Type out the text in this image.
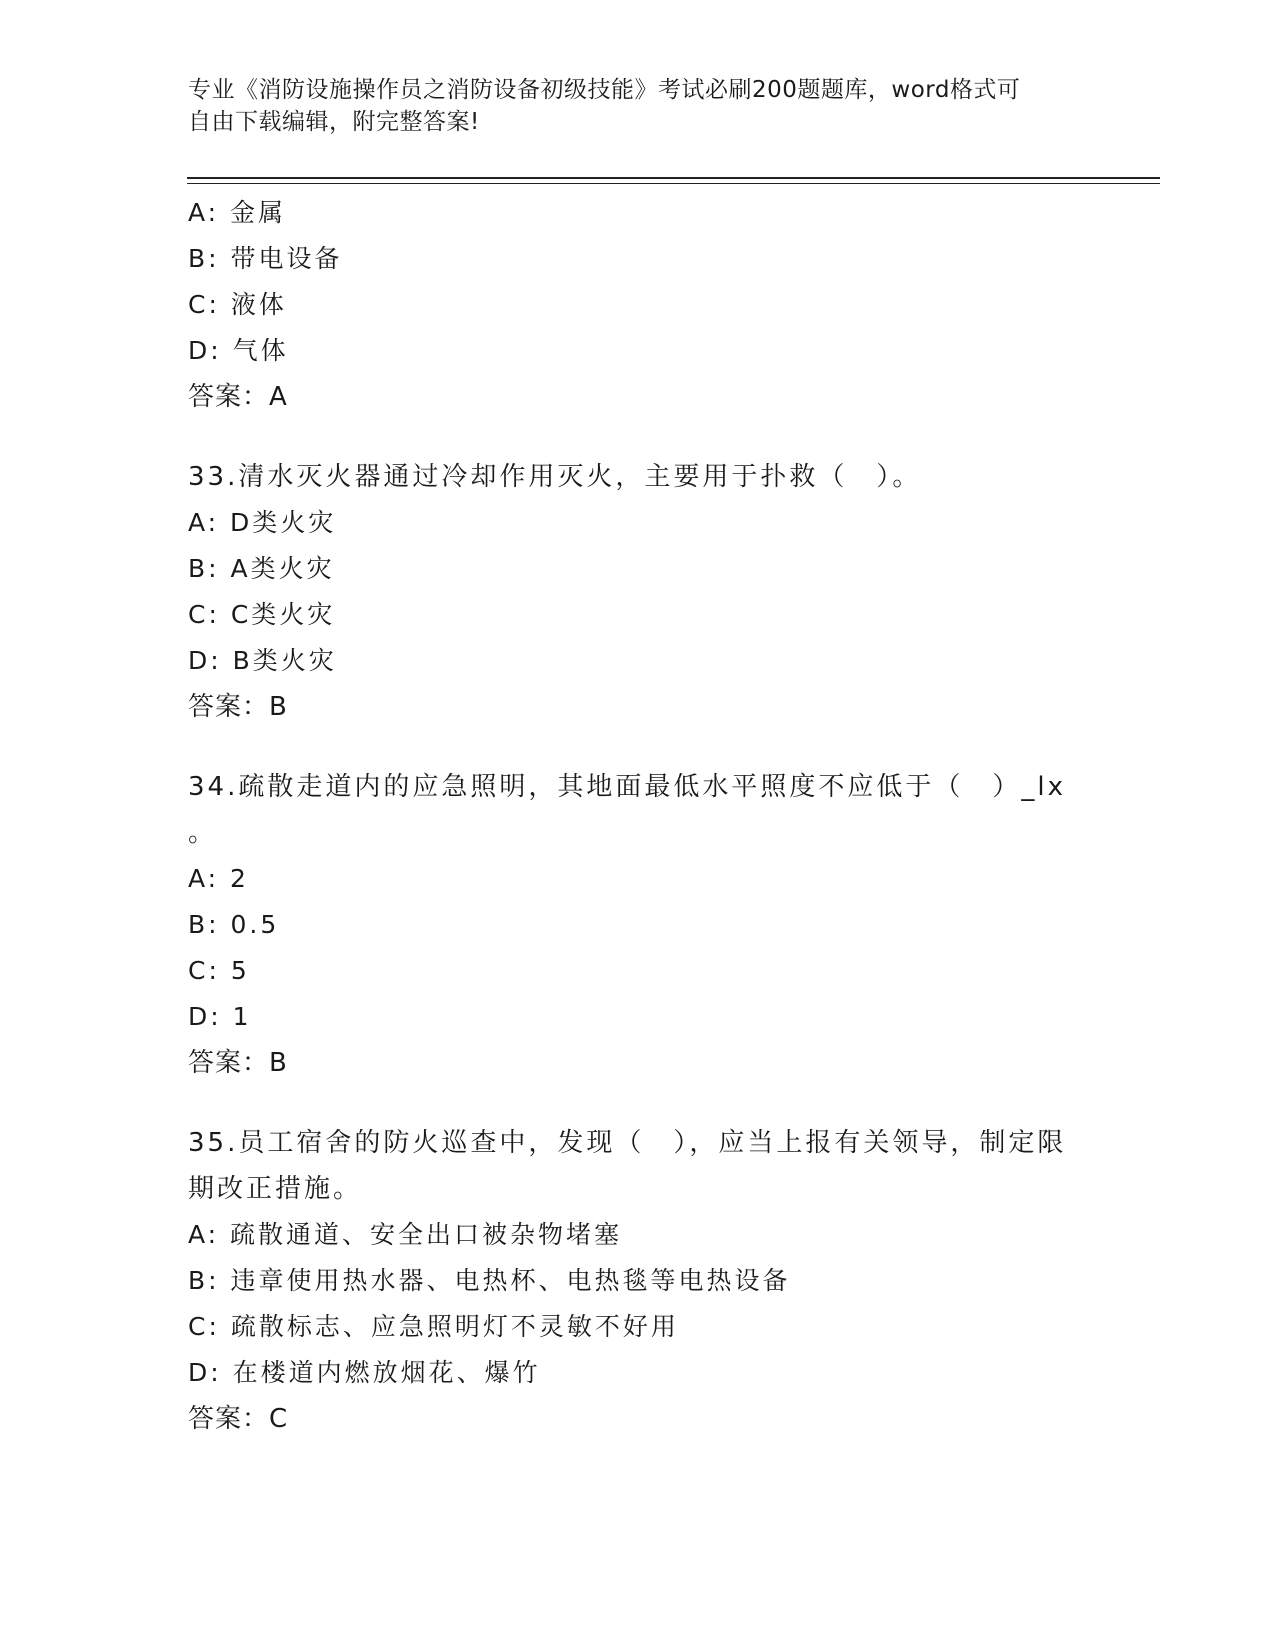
专业《消防设施操作员之消防设备初级技能》考试必刷200题题库，word格式可
自由下载编辑，附完整答案!
A: 金属
B: 带电设备
C: 液体
D: 气体
答案：A
33.清水灭火器通过冷却作用灭火，主要用于扑救（　）。
A: D类火灾
B: A类火灾
C: C类火灾
D: B类火灾
答案：B
34.疏散走道内的应急照明，其地面最低水平照度不应低于（　）_lx
。
A: 2
B: 0.5
C: 5
D: 1
答案：B
35.员工宿舍的防火巡查中，发现（　），应当上报有关领导，制定限
期改正措施。
A: 疏散通道、安全出口被杂物堵塞
B: 违章使用热水器、电热杯、电热毯等电热设备
C: 疏散标志、应急照明灯不灵敏不好用
D: 在楼道内燃放烟花、爆竹
答案：C
